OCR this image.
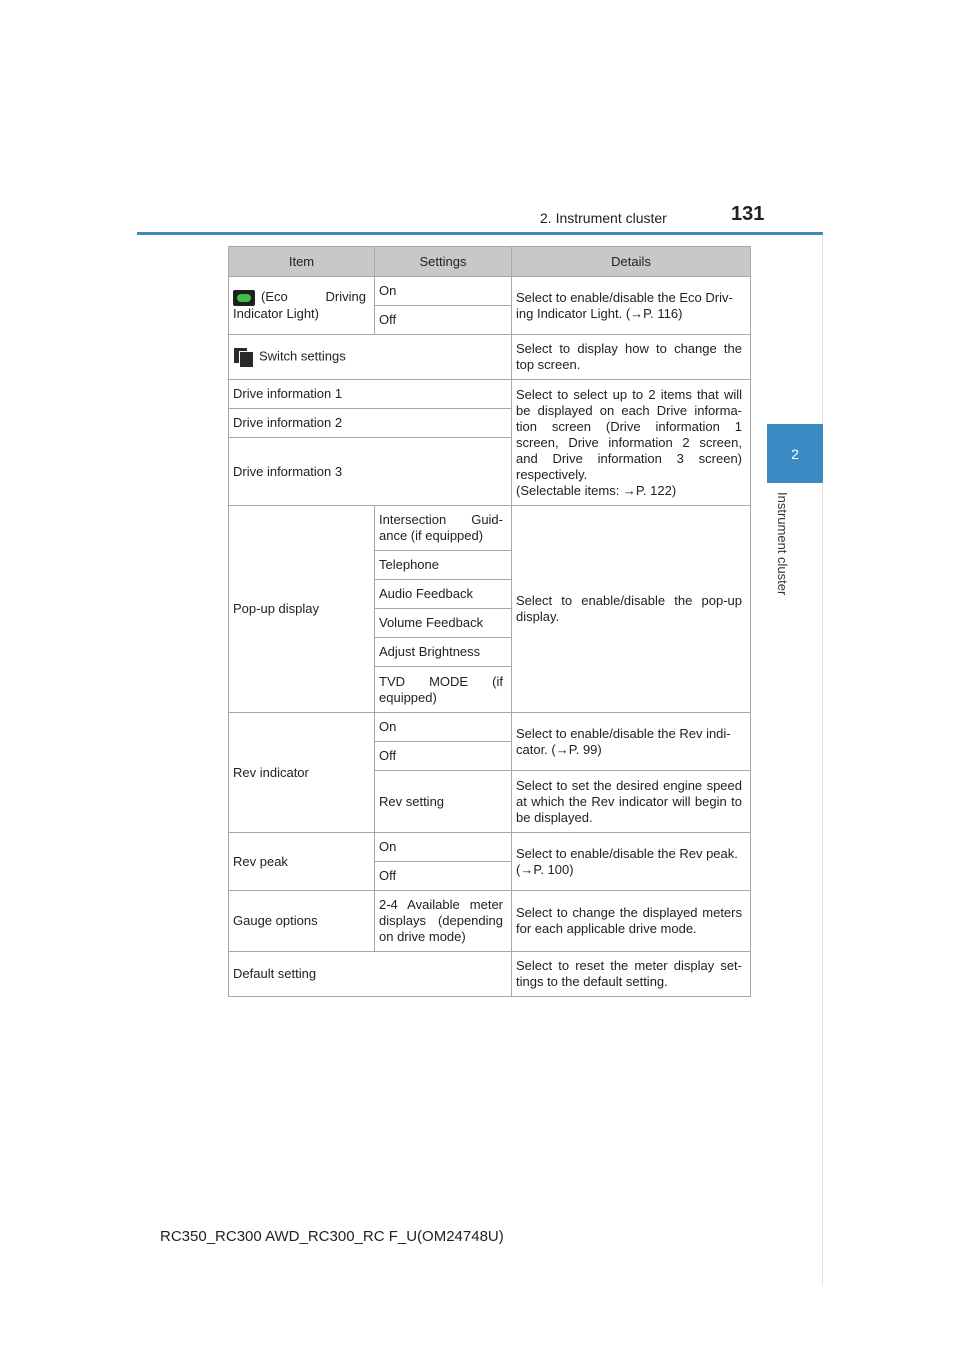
2. Instrument cluster	131
2
Instrument cluster
Item	Settings	Details
(Eco Driving Indicator Light)	On	Select to enable/disable the Eco Driv-ing Indicator Light. (→P. 116)
	Off	

Switch settings		Select to display how to change the top screen.
Drive information 1		Select to select up to 2 items that will be displayed on each Drive informa-tion screen (Drive information 1 screen, Drive information 2 screen, and Drive information 3 screen) respectively.
(Selectable items: →P. 122)
Drive information 2		
Drive information 3		
Pop-up display	Intersection Guid-ance (if equipped)	Select to enable/disable the pop-up display.
	Telephone	
	Audio Feedback	
	Volume Feedback	
	Adjust Brightness	
	TVD MODE (if equipped)	
Rev indicator	On	Select to enable/disable the Rev indi-cator. (→P. 99)
	Off	
	Rev setting	Select to set the desired engine speed at which the Rev indicator will begin to be displayed.
Rev peak	On	Select to enable/disable the Rev peak. (→P. 100)
	Off	
Gauge options	2-4 Available meter displays (depending on drive mode)	Select to change the displayed meters for each applicable drive mode.
Default setting		Select to reset the meter display set-tings to the default setting.
RC350_RC300 AWD_RC300_RC F_U(OM24748U)
